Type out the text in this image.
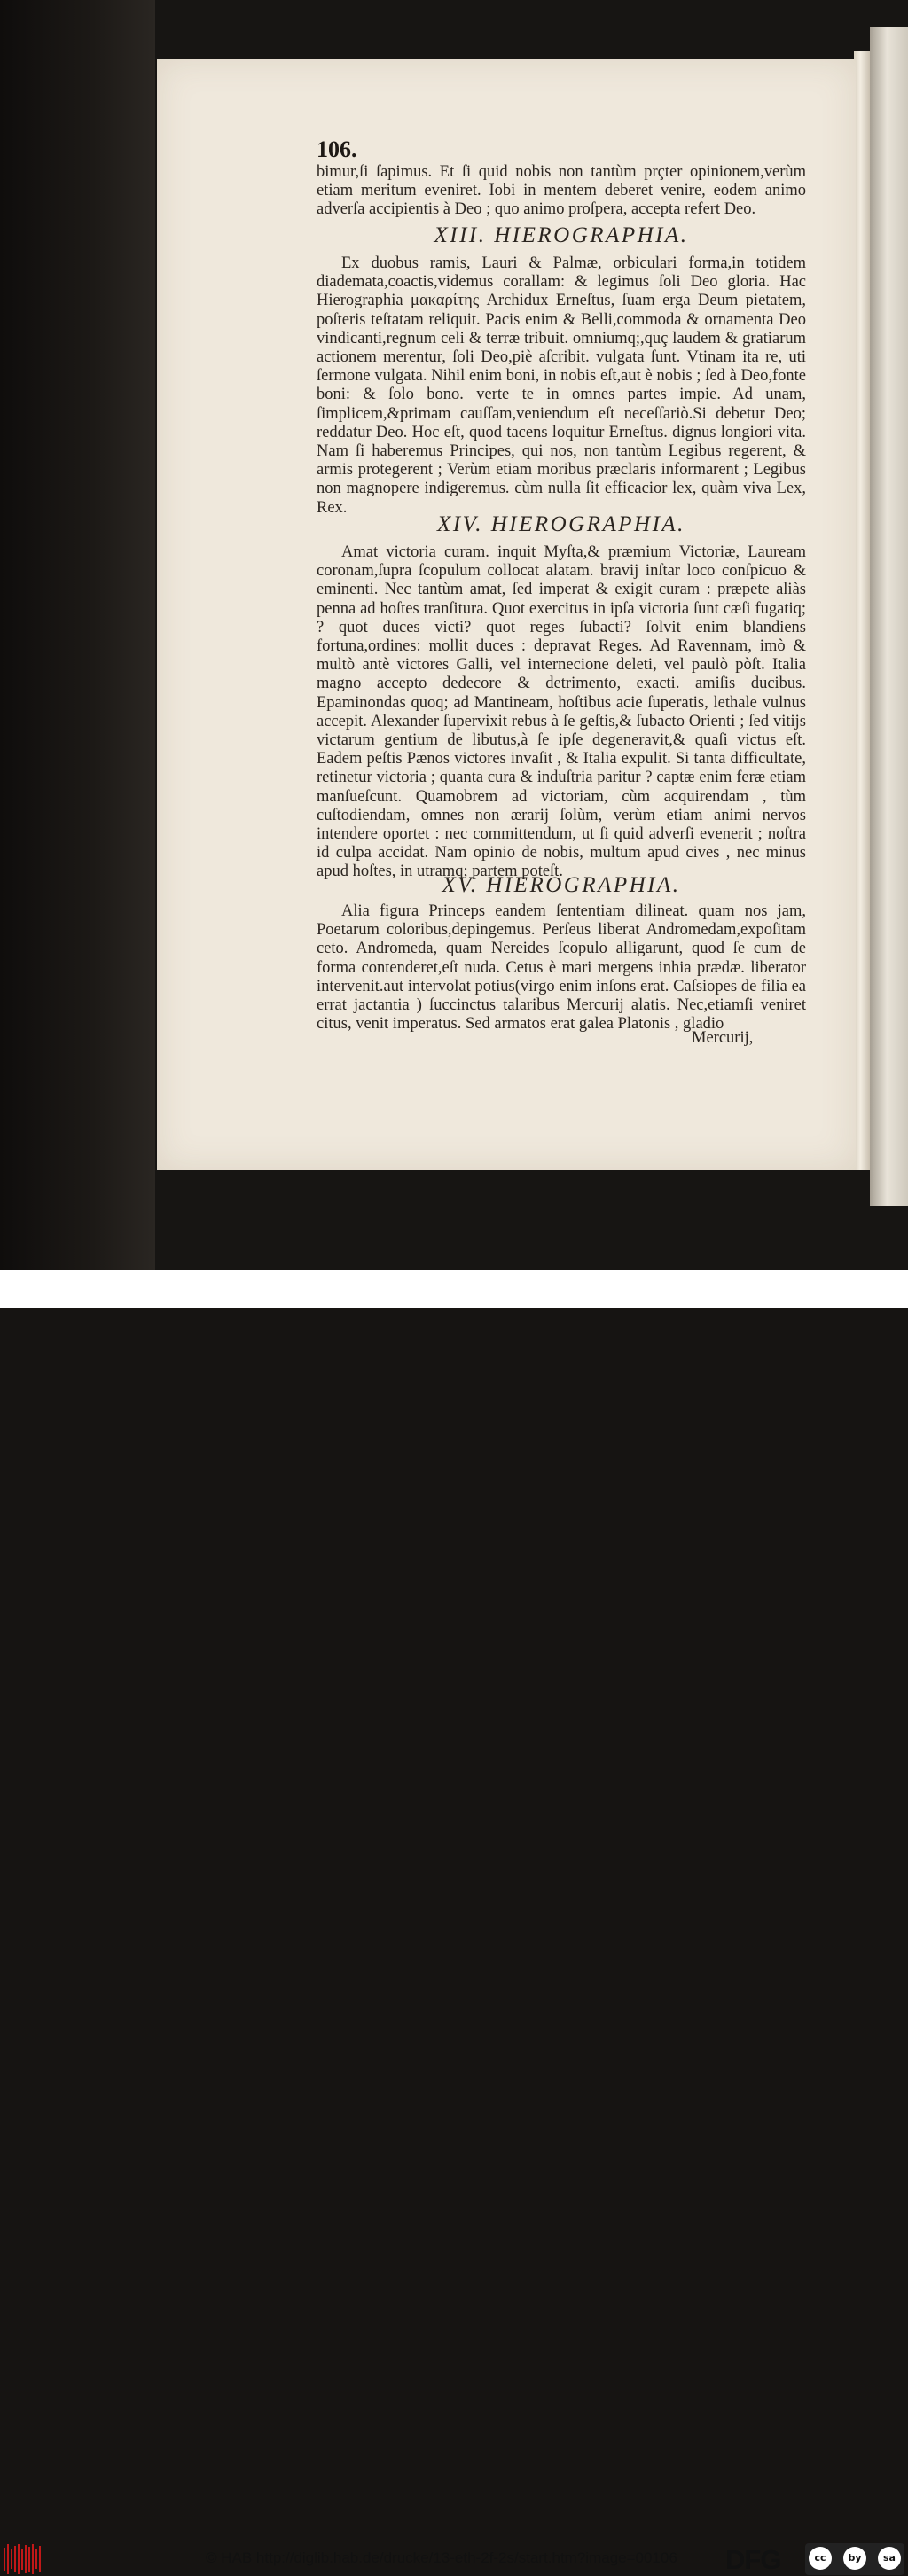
106.

bimur,ſi ſapimus. Et ſi quid nobis non tantùm prçter opinionem,verùm etiam meritum eveniret. Iobi in mentem deberet venire, eodem animo adverſa accipientis à Deo ; quo animo proſpera, accepta refert Deo.

XIII. HIEROGRAPHIA.

Ex duobus ramis, Lauri & Palmæ, orbiculari forma,in totidem diademata,coactis,videmus corallam: & legimus ſoli Deo gloria. Hac Hierographia μακαρίτης Archidux Erneſtus, ſuam erga Deum pietatem, poſteris teſtatam reliquit. Pacis enim & Belli,commoda & ornamenta Deo vindicanti,regnum celi & terræ tribuit. omniumq;,quç laudem & gratiarum actionem merentur, ſoli Deo,piè aſcribit. vulgata ſunt. Vtinam ita re, uti ſermone vulgata. Nihil enim boni, in nobis eſt,aut è nobis ; ſed à Deo,fonte boni: & ſolo bono. verte te in omnes partes impie. Ad unam, ſimplicem,&primam cauſſam,veniendum eſt neceſſariò.Si debetur Deo; reddatur Deo. Hoc eſt, quod tacens loquitur Erneſtus. dignus longiori vita. Nam ſi haberemus Principes, qui nos, non tantùm Legibus regerent, & armis protegerent ; Verùm etiam moribus præclaris informarent ; Legibus non magnopere indigeremus. cùm nulla ſit efficacior lex, quàm viva Lex, Rex.

XIV. HIEROGRAPHIA.

Amat victoria curam. inquit Myſta,& præmium Victoriæ, Lauream coronam,ſupra ſcopulum collocat alatam. bravij inſtar loco conſpicuo & eminenti. Nec tantùm amat, ſed imperat & exigit curam : præpete aliàs penna ad hoſtes tranſitura. Quot exercitus in ipſa victoria ſunt cæſi fugatiq; ? quot duces victi? quot reges ſubacti? ſolvit enim blandiens fortuna,ordines: mollit duces : depravat Reges. Ad Ravennam, imò & multò antè victores Galli, vel internecione deleti, vel paulò pòſt. Italia magno accepto dedecore & detrimento, exacti. amiſis ducibus. Epaminondas quoq; ad Mantineam, hoſtibus acie ſuperatis, lethale vulnus accepit. Alexander ſupervixit rebus à ſe geſtis,& ſubacto Orienti ; ſed vitijs victarum gentium de libutus,à ſe ipſe degeneravit,& quaſi victus eſt. Eadem peſtis Pænos victores invaſit , & Italia expulit. Si tanta difficultate, retinetur victoria ; quanta cura & induſtria paritur ? captæ enim feræ etiam manſueſcunt. Quamobrem ad victoriam, cùm acquirendam , tùm cuſtodiendam, omnes non ærarij ſolùm, verùm etiam animi nervos intendere oportet : nec committendum, ut ſi quid adverſi evenerit ; noſtra id culpa accidat. Nam opinio de nobis, multum apud cives , nec minus apud hoſtes, in utramq; partem poteſt.

XV. HIEROGRAPHIA.

Alia figura Princeps eandem ſententiam dilineat. quam nos jam, Poetarum coloribus,depingemus. Perſeus liberat Andromedam,expoſitam ceto. Andromeda, quam Nereides ſcopulo alligarunt, quod ſe cum de forma contenderet,eſt nuda. Cetus è mari mergens inhia prædæ. liberator intervenit.aut intervolat potius(virgo enim inſons erat. Caſsiopes de filia ea errat jactantia ) ſuccinctus talaribus Mercurij alatis. Nec,etiamſi veniret citus, venit imperatus. Sed armatos erat galea Platonis , gladio

Mercurij,
© HAB http://diglib.hab.de/drucke/13-eth-2f-2s/start.htm?image=00106 DFG	cc	by	sa
